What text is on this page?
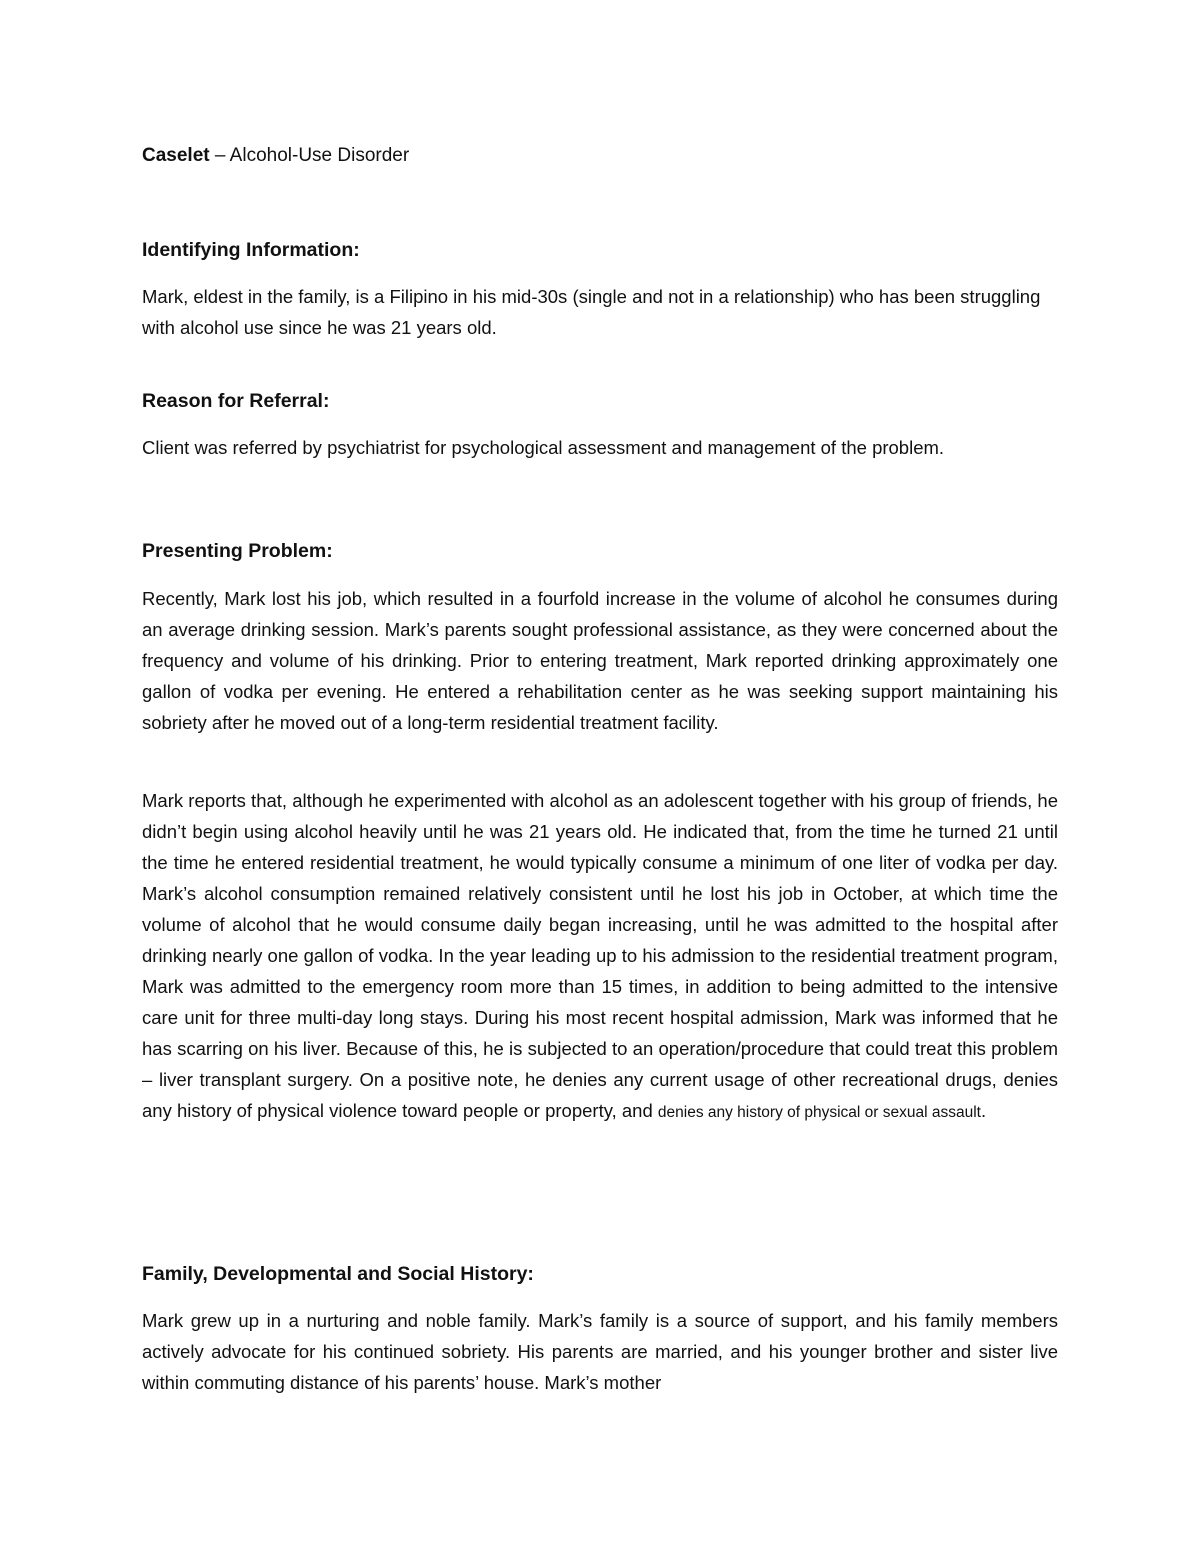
Caselet – Alcohol-Use Disorder
Identifying Information:

Mark, eldest in the family, is a Filipino in his mid-30s (single and not in a relationship) who has been struggling with alcohol use since he was 21 years old.

Reason for Referral:

Client was referred by psychiatrist for psychological assessment and management of the problem.

Presenting Problem:

Recently, Mark lost his job, which resulted in a fourfold increase in the volume of alcohol he consumes during an average drinking session. Mark’s parents sought professional assistance, as they were concerned about the frequency and volume of his drinking. Prior to entering treatment, Mark reported drinking approximately one gallon of vodka per evening. He entered a rehabilitation center as he was seeking support maintaining his sobriety after he moved out of a long-term residential treatment facility.

Mark reports that, although he experimented with alcohol as an adolescent together with his group of friends, he didn’t begin using alcohol heavily until he was 21 years old. He indicated that, from the time he turned 21 until the time he entered residential treatment, he would typically consume a minimum of one liter of vodka per day. Mark’s alcohol consumption remained relatively consistent until he lost his job in October, at which time the volume of alcohol that he would consume daily began increasing, until he was admitted to the hospital after drinking nearly one gallon of vodka. In the year leading up to his admission to the residential treatment program, Mark was admitted to the emergency room more than 15 times, in addition to being admitted to the intensive care unit for three multi-day long stays. During his most recent hospital admission, Mark was informed that he has scarring on his liver. Because of this, he is subjected to an operation/procedure that could treat this problem – liver transplant surgery. On a positive note, he denies any current usage of other recreational drugs, denies any history of physical violence toward people or property, and denies any history of physical or sexual assault.

Family, Developmental and Social History:

Mark grew up in a nurturing and noble family. Mark’s family is a source of support, and his family members actively advocate for his continued sobriety. His parents are married, and his younger brother and sister live within commuting distance of his parents’ house. Mark’s mother
